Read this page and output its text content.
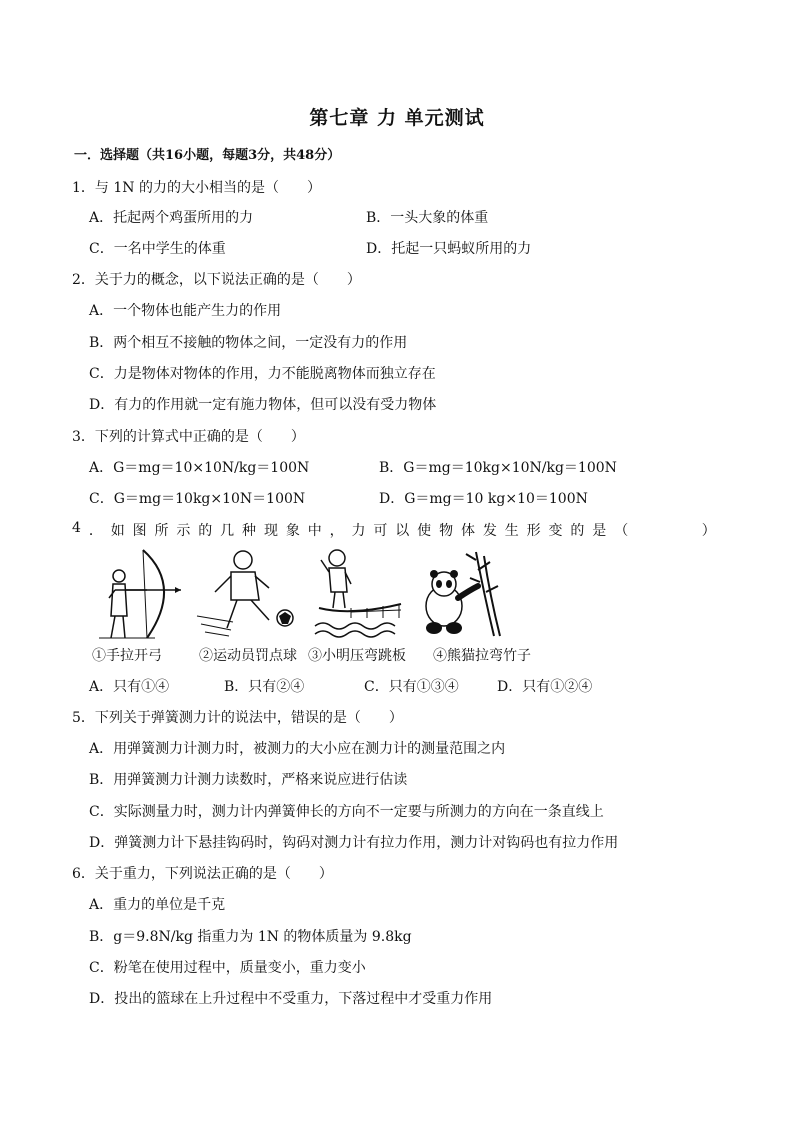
第七章 力 单元测试
一．选择题（共16小题，每题3分，共48分）
1．与 1N 的力的大小相当的是（　　）
A．托起两个鸡蛋所用的力	B．一头大象的体重
C．一名中学生的体重	D．托起一只蚂蚁所用的力
2．关于力的概念，以下说法正确的是（　　）
A．一个物体也能产生力的作用
B．两个相互不接触的物体之间，一定没有力的作用
C．力是物体对物体的作用，力不能脱离物体而独立存在
D．有力的作用就一定有施力物体，但可以没有受力物体
3．下列的计算式中正确的是（　　）
A．G＝mg＝10×10N/kg＝100N	B．G＝mg＝10kg×10N/kg＝100N
C．G＝mg＝10kg×10N＝100N	D．G＝mg＝10 kg×10＝100N
4 ． 如 图 所 示 的 几 种 现 象 中 ， 力 可 以 使 物 体 发 生 形 变 的 是 （

　	）
①手拉开弓	②运动员罚点球 ③小明压弯跳板 ④熊猫拉弯竹子
A．只有①④	B．只有②④	C．只有①③④	D．只有①②④
5．下列关于弹簧测力计的说法中，错误的是（　　）
A．用弹簧测力计测力时，被测力的大小应在测力计的测量范围之内
B．用弹簧测力计测力读数时，严格来说应进行估读
C．实际测量力时，测力计内弹簧伸长的方向不一定要与所测力的方向在一条直线上
D．弹簧测力计下悬挂钩码时，钩码对测力计有拉力作用，测力计对钩码也有拉力作用
6．关于重力，下列说法正确的是（　　）
A．重力的单位是千克
B．g＝9.8N/kg 指重力为 1N 的物体质量为 9.8kg
C．粉笔在使用过程中，质量变小，重力变小
D．投出的篮球在上升过程中不受重力，下落过程中才受重力作用
